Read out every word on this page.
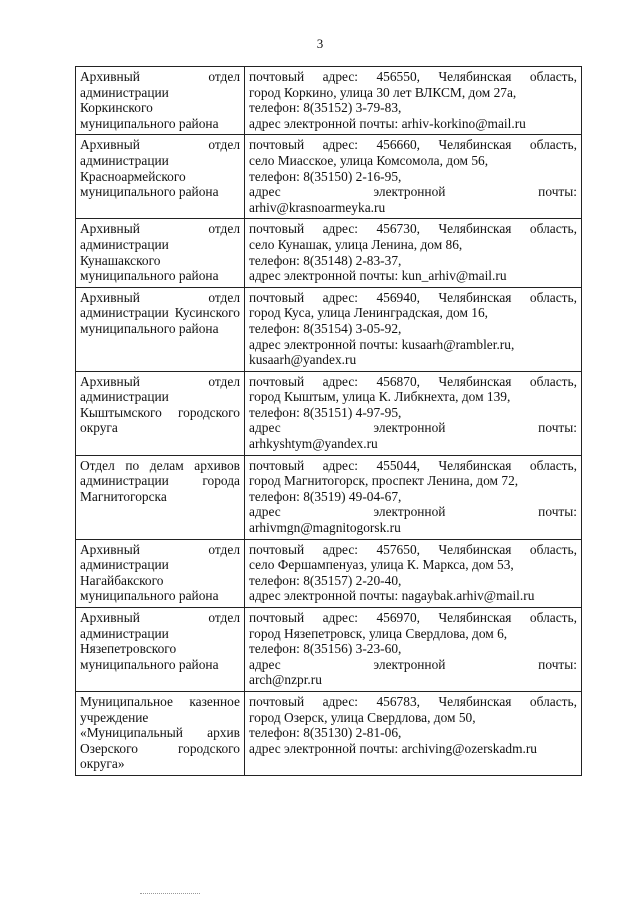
3
Архивный отдел администрации Коркинского муниципального района	почтовый адрес: 456550, Челябинская область,
город Коркино, улица 30 лет ВЛКСМ, дом 27а,
телефон: 8(35152) 3-79-83,
адрес электронной почты: arhiv-korkino@mail.ru

Архивный отдел администрации Красноармейского муниципального района	почтовый адрес: 456660, Челябинская область,
село Миасское, улица Комсомола, дом 56,
телефон: 8(35150) 2-16-95,
адрес электронной почты:
arhiv@krasnoarmeyka.ru

Архивный отдел администрации Кунашакского муниципального района	почтовый адрес: 456730, Челябинская область,
село Кунашак, улица Ленина, дом 86,
телефон: 8(35148) 2-83-37,
адрес электронной почты: kun_arhiv@mail.ru

Архивный отдел администрации Кусинского муниципального района	почтовый адрес: 456940, Челябинская область,
город Куса, улица Ленинградская, дом 16,
телефон: 8(35154) 3-05-92,
адрес электронной почты: kusaarh@rambler.ru,
kusaarh@yandex.ru

Архивный отдел администрации Кыштымского городского округа	почтовый адрес: 456870, Челябинская область,
город Кыштым, улица К. Либкнехта, дом 139,
телефон: 8(35151) 4-97-95,
адрес электронной почты:
arhkyshtym@yandex.ru

Отдел по делам архивов администрации города Магнитогорска	почтовый адрес: 455044, Челябинская область,
город Магнитогорск, проспект Ленина, дом 72,
телефон: 8(3519) 49-04-67,
адрес электронной почты:
arhivmgn@magnitogorsk.ru

Архивный отдел администрации Нагайбакского муниципального района	почтовый адрес: 457650, Челябинская область,
село Фершампенуаз, улица К. Маркса, дом 53,
телефон: 8(35157) 2-20-40,
адрес электронной почты: nagaybak.arhiv@mail.ru

Архивный отдел администрации Нязепетровского муниципального района	почтовый адрес: 456970, Челябинская область,
город Нязепетровск, улица Свердлова, дом 6,
телефон: 8(35156) 3-23-60,
адрес электронной почты:
arch@nzpr.ru

Муниципальное казенное учреждение «Муниципальный архив Озерского городского округа»	почтовый адрес: 456783, Челябинская область,
город Озерск, улица Свердлова, дом 50,
телефон: 8(35130) 2-81-06,
адрес электронной почты: archiving@ozerskadm.ru
